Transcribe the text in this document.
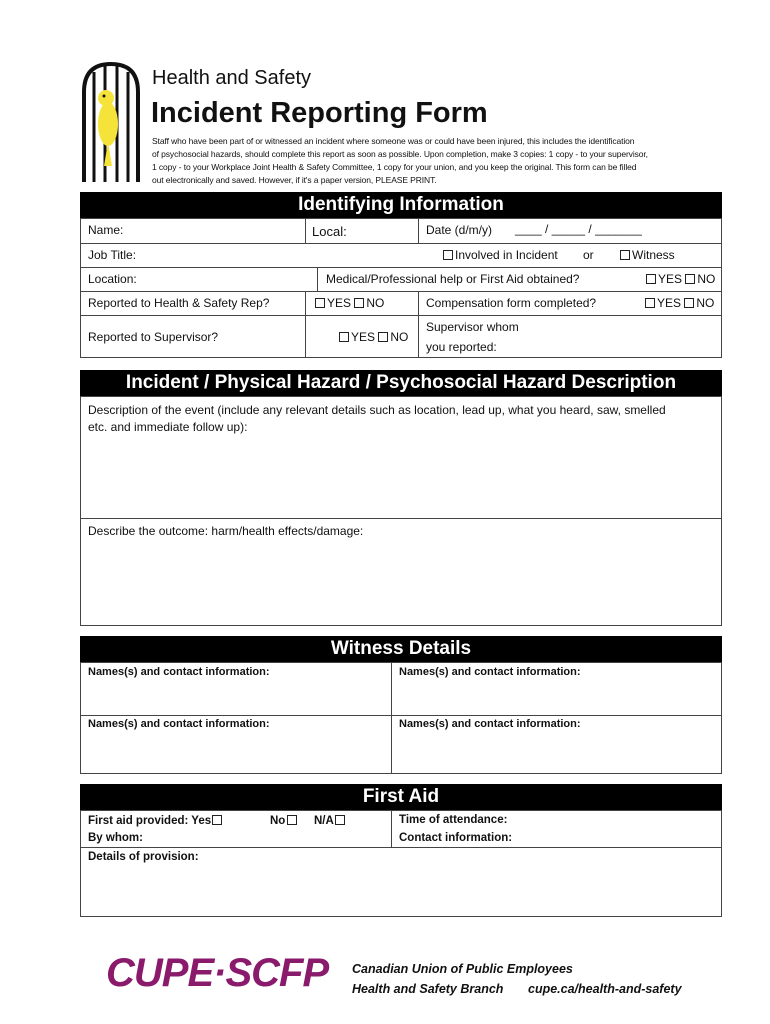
Health and Safety
Incident Reporting Form
Staff who have been part of or witnessed an incident where someone was or could have been injured, this includes the identification
of psychosocial hazards, should complete this report as soon as possible. Upon completion, make 3 copies: 1 copy - to your supervisor,
1 copy - to your Workplace Joint Health & Safety Committee, 1 copy for your union, and you keep the original. This form can be filled
out electronically and saved. However, if it's a paper version, PLEASE PRINT.
Identifying Information
Name:	Local:	Date (d/m/y) ____ / _____ / _______
Job Title:	Involved in Incident or	Witness
Location:	Medical/Professional help or First Aid obtained?	YES NO
Reported to Health & Safety Rep?	YES NO	Compensation form completed?	YES NO
Reported to Supervisor?	YES NO
Supervisor whom
you reported:
Incident / Physical Hazard / Psychosocial Hazard Description
Description of the event (include any relevant details such as location, lead up, what you heard, saw, smelled
etc. and immediate follow up):
Describe the outcome: harm/health effects/damage:
Witness Details
Names(s) and contact information:	Names(s) and contact information:
Names(s) and contact information:	Names(s) and contact information:
First Aid
First aid provided: Yes	No	N/A	Time of attendance:
By whom:	Contact information:
Details of provision:
CUPE·SCFP Canadian Union of Public Employees
Health and Safety Branch cupe.ca/health-and-safety
